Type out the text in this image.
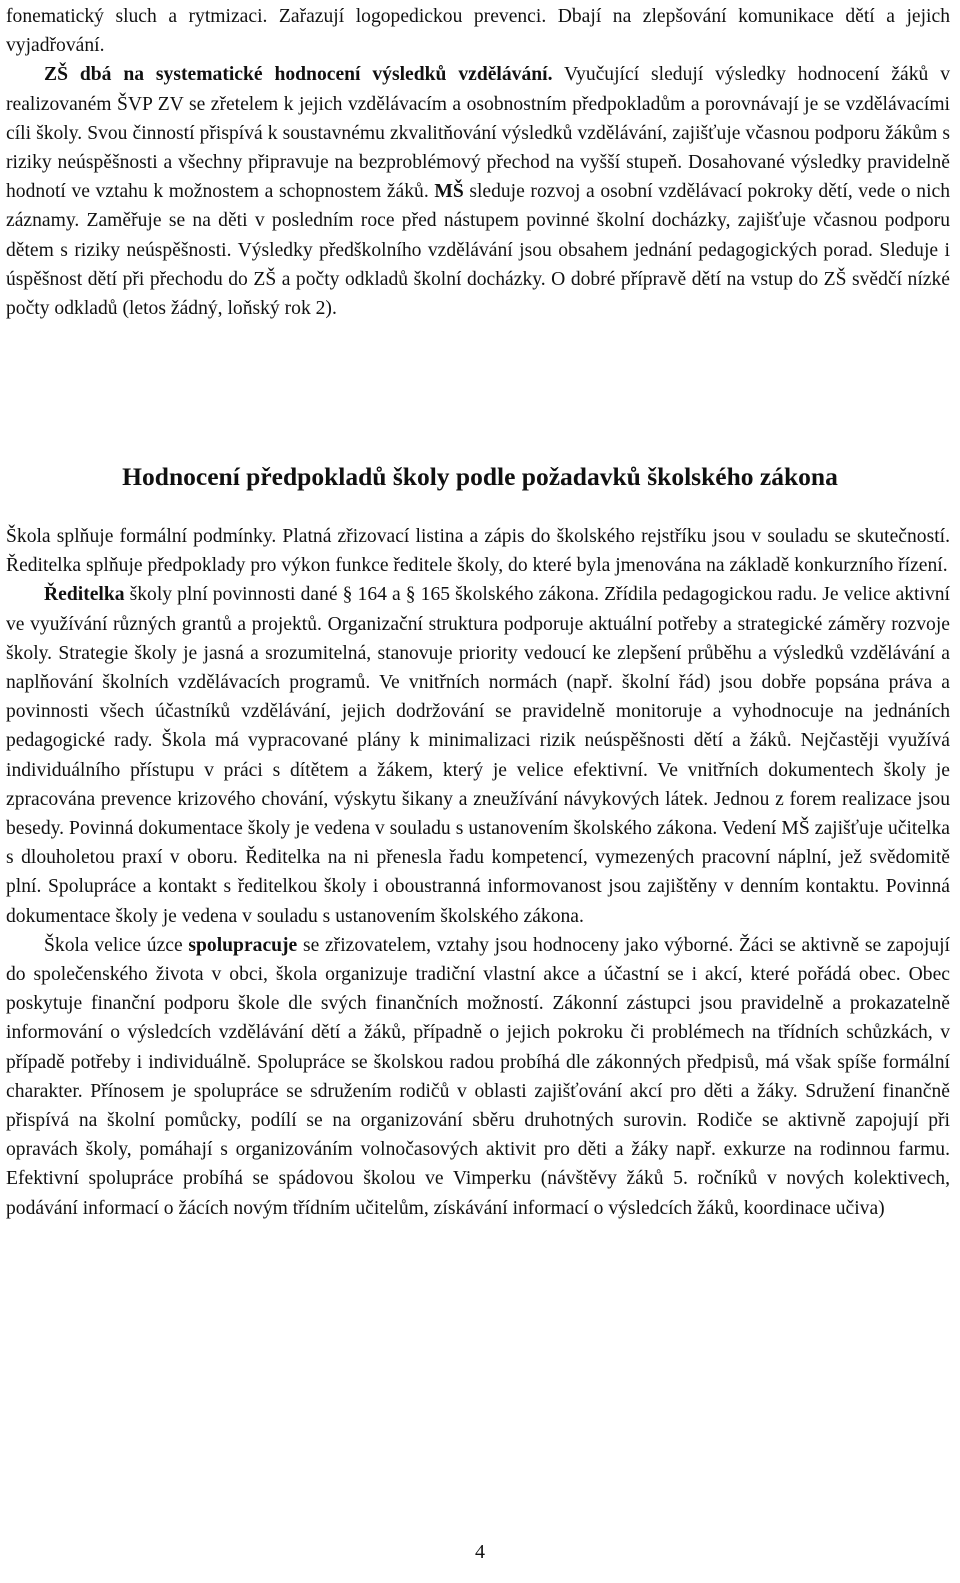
fonematický sluch a rytmizaci. Zařazují logopedickou prevenci. Dbají na zlepšování komunikace dětí a jejich vyjadřování.

ZŠ dbá na systematické hodnocení výsledků vzdělávání. Vyučující sledují výsledky hodnocení žáků v realizovaném ŠVP ZV se zřetelem k jejich vzdělávacím a osobnostním předpokladům a porovnávají je se vzdělávacími cíli školy. Svou činností přispívá k soustavnému zkvalitňování výsledků vzdělávání, zajišťuje včasnou podporu žákům s riziky neúspěšnosti a všechny připravuje na bezproblémový přechod na vyšší stupeň. Dosahované výsledky pravidelně hodnotí ve vztahu k možnostem a schopnostem žáků. MŠ sleduje rozvoj a osobní vzdělávací pokroky dětí, vede o nich záznamy. Zaměřuje se na děti v posledním roce před nástupem povinné školní docházky, zajišťuje včasnou podporu dětem s riziky neúspěšnosti. Výsledky předškolního vzdělávání jsou obsahem jednání pedagogických porad. Sleduje i úspěšnost dětí při přechodu do ZŠ a počty odkladů školní docházky. O dobré přípravě dětí na vstup do ZŠ svědčí nízké počty odkladů (letos žádný, loňský rok 2).

Hodnocení předpokladů školy podle požadavků školského zákona

Škola splňuje formální podmínky. Platná zřizovací listina a zápis do školského rejstříku jsou v souladu se skutečností. Ředitelka splňuje předpoklady pro výkon funkce ředitele školy, do které byla jmenována na základě konkurzního řízení.

Ředitelka školy plní povinnosti dané § 164 a § 165 školského zákona. Zřídila pedagogickou radu. Je velice aktivní ve využívání různých grantů a projektů. Organizační struktura podporuje aktuální potřeby a strategické záměry rozvoje školy. Strategie školy je jasná a srozumitelná, stanovuje priority vedoucí ke zlepšení průběhu a výsledků vzdělávání a naplňování školních vzdělávacích programů. Ve vnitřních normách (např. školní řád) jsou dobře popsána práva a povinnosti všech účastníků vzdělávání, jejich dodržování se pravidelně monitoruje a vyhodnocuje na jednáních pedagogické rady. Škola má vypracované plány k minimalizaci rizik neúspěšnosti dětí a žáků. Nejčastěji využívá individuálního přístupu v práci s dítětem a žákem, který je velice efektivní. Ve vnitřních dokumentech školy je zpracována prevence krizového chování, výskytu šikany a zneužívání návykových látek. Jednou z forem realizace jsou besedy. Povinná dokumentace školy je vedena v souladu s ustanovením školského zákona. Vedení MŠ zajišťuje učitelka s dlouholetou praxí v oboru. Ředitelka na ni přenesla řadu kompetencí, vymezených pracovní náplní, jež svědomitě plní. Spolupráce a kontakt s ředitelkou školy i oboustranná informovanost jsou zajištěny v denním kontaktu. Povinná dokumentace školy je vedena v souladu s ustanovením školského zákona.

Škola velice úzce spolupracuje se zřizovatelem, vztahy jsou hodnoceny jako výborné. Žáci se aktivně se zapojují do společenského života v obci, škola organizuje tradiční vlastní akce a účastní se i akcí, které pořádá obec. Obec poskytuje finanční podporu škole dle svých finančních možností. Zákonní zástupci jsou pravidelně a prokazatelně informování o výsledcích vzdělávání dětí a žáků, případně o jejich pokroku či problémech na třídních schůzkách, v případě potřeby i individuálně. Spolupráce se školskou radou probíhá dle zákonných předpisů, má však spíše formální charakter. Přínosem je spolupráce se sdružením rodičů v oblasti zajišťování akcí pro děti a žáky. Sdružení finančně přispívá na školní pomůcky, podílí se na organizování sběru druhotných surovin. Rodiče se aktivně zapojují při opravách školy, pomáhají s organizováním volnočasových aktivit pro děti a žáky např. exkurze na rodinnou farmu. Efektivní spolupráce probíhá se spádovou školou ve Vimperku (návštěvy žáků 5. ročníků v nových kolektivech, podávání informací o žácích novým třídním učitelům, získávání informací o výsledcích žáků, koordinace učiva)

4
